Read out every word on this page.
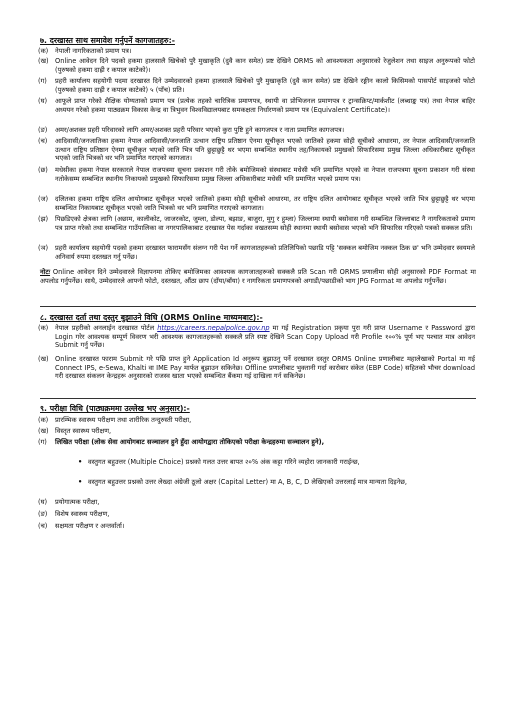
७. दरखास्त साथ समावेश गर्नुपर्ने कागजातहरु:-
(क) नेपाली नागरिकताको प्रमाण पत्र।
(ख) Online आवेदन दिने पदको हकमा हालसालै खिचेको पुरै मुखाकृति (दुवै कान समेत) प्रष्ट देखिने ORMS को आवश्यकता अनुसारको रेजुलेशन तथा साइज अनुरूपको फोटो (पुरुषको हकमा दाह्री र कपाल काटेको)।
(ग) प्रहरी कार्यालय सहयोगी पदमा दरखास्त दिने उम्मेदवारको हकमा हालसालै खिचेको पुरै मुखाकृति (दुवै कान समेत) प्रष्ट देखिने रङ्गीन कालो किसिमको पासपोर्ट साइजको फोटो (पुरुषको हकमा दाह्री र कपाल काटेको) ५ (पाँच) प्रति।
(घ) आफूले प्राप्त गरेको शैक्षिक योग्यताको प्रमाण पत्र (प्रत्येक तहको चारित्रिक प्रमाणपत्र, स्थायी वा प्रोभिजनल प्रमाणपत्र र ट्रान्सक्रिप्ट/मार्कशीट (लब्धाङ्क पत्र) तथा नेपाल बाहिर अध्ययन गरेको हकमा पाठ्यक्रम विकास केन्द्र वा त्रिभुवन विश्वविद्यालयबाट समकक्षता निर्धारणको प्रमाण पत्र (Equivalent Certificate)।
(ङ) अमर/अशक्त प्रहरी परिवारको लागि अमर/अशक्त प्रहरी परिवार भएको कुरा पुष्टि हुने कागजपत्र र नाता प्रमाणित कागजपत्र।
(च) आदिवासी/जनजातिका हकमा नेपाल आदिवासी/जनजाति उत्थान राष्ट्रिय प्रतिष्ठान ऐनमा सूचीकृत भएको जातिको हकमा सोही सूचीको आधारमा, तर नेपाल आदिवासी/जनजाति उत्थान राष्ट्रिय प्रतिष्ठान ऐनमा सूचीकृत भएको जाति भित्र पनि छुट्टाछुट्टै थर भएमा सम्बन्धित स्थानीय तह/निकायको प्रमुखको सिफारिसमा प्रमुख जिल्ला अधिकारीबाट सूचीकृत भएको जाति भित्रको थर भनि प्रमाणित गराएको कागजात।
(छ) मधेसीका हकमा नेपाल सरकारले नेपाल राजपत्रमा सूचना प्रकाशन गरी तोके बमोजिमको संस्थाबाट मधेसी भनि प्रमाणित भएको वा नेपाल राजपत्रमा सूचना प्रकाशन गरी संस्था नतोकेसम्म सम्बन्धित स्थानीय निकायको प्रमुखको सिफारिसमा प्रमुख जिल्ला अधिकारीबाट मधेसी भनि प्रमाणित भएको प्रमाण पत्र।
(ज) दलितका हकमा राष्ट्रिय दलित आयोगबाट सूचीकृत भएको जातिको हकमा सोही सूचीको आधारमा, तर राष्ट्रिय दलित आयोगबाट सूचीकृत भएको जाति भित्र छुट्टाछुट्टै थर भएमा सम्बन्धित निकायबाट सूचीकृत भएको जाति भित्रको थर भनि प्रमाणित गराएको कागजात।
(झ) पिछडिएको क्षेत्रका लागि (अछाम, कालीकोट, जाजरकोट, जुम्ला, डोल्पा, बझाङ, बाजुरा, मुगु र हुम्ला) जिल्लामा स्थायी बसोवास गरी सम्बन्धित जिल्लाबाट नै नागरिकताको प्रमाण पत्र प्राप्त गरेको तथा सम्बन्धित गाउँपालिका वा नगरपालिकाबाट दरखास्त पेस गर्दाका वखतसम्म सोही स्थानमा स्थायी बसोवास भएको भनि सिफारिस गरिएको पत्रको सक्कल प्रति।
(ञ) प्रहरी कार्यालय सहयोगी पदको हकमा दरखास्त फारामसँग संलग्न गरी पेश गर्ने कागजातहरूको प्रतिलिपिको पछाडि पट्टि 'सक्कल बमोजिम नक्कल ठिक छ' भनि उम्मेदवार स्वयमले अनिवार्य रुपमा दस्तखत गर्नु पर्नेछ।
नोटः Online आवेदन दिने उम्मेदवारले विज्ञापनमा तोकिए बमोजिमका आवश्यक कागजातहरूको सक्कलै प्रति Scan गरी ORMS प्रणालीमा सोही अनुसारको PDF Format मा अपलोड गर्नुपर्नेछ। साथै, उम्मेदवारले आफ्नो फोटो, दस्तखत, औंठा छाप (दाँया/बाँया) र नागरिकता प्रमाणपत्रको अगाडी/पछाडीको भाग JPG Format मा अपलोड गर्नुपर्नेछ।
८. दरखास्त दर्ता तथा दस्तुर बुझाउने विधि (ORMS Online माध्यमबाट):-
(क) नेपाल प्रहरीको अनलाईन दरखास्त पोर्टल https://careers.nepalpolice.gov.np मा गई Registration प्रकृया पुरा गरी प्राप्त Username र Password द्वारा Login गरेर आवश्यक सम्पूर्ण विवरण भरी आवश्यक कागजातहरूको सक्कलै प्रति स्पष्ट देखिने Scan Copy Upload गरी Profile १००% पूर्ण भए पश्चात मात्र आवेदन Submit गर्नु पर्नेछ।
(ख) Online दरखास्त फाराम Submit गरे पछि प्राप्त हुने Application Id अनुरूप बुझाउनु पर्ने दरखास्त दस्तुर ORMS Online प्रणालीबाट महालेखाको Portal मा गई Connect IPS, e-Sewa, Khalti वा IME Pay मार्फत बुझाउन सकिनेछ। Offline प्रणालीबाट भुक्तानी गर्दा कारोबार संकेत (EBP Code) सहितको भौचर download गरी दरखास्त संकलन केन्द्रहरू अनुसारको राजस्व खाता भएको सम्बन्धित बैंकमा गई दाखिला गर्न सकिनेछ।
९. परीक्षा विधि (पाठ्यक्रममा उल्लेख भए अनुसार):-
(क) प्रारम्भिक स्वास्थ्य परीक्षण तथा शारीरिक तन्दुरुस्ती परीक्षा,
(ख) विस्तृत स्वास्थ्य परीक्षण,
(ग) लिखित परीक्षा (लोक सेवा आयोगबाट सञ्चालन हुने हुँदा आयोगद्वारा तोकिएको परीक्षा केन्द्रहरुमा सञ्चालन हुने),
• वस्तुगत बहुउत्तर (Multiple Choice) प्रश्नको गलत उत्तर बापत २०% अंक कट्टा गरिने व्यहोरा जानकारी गराईन्छ,
• वस्तुगत बहुउत्तर प्रश्नको उत्तर लेख्दा अंग्रेजी ठूलो अक्षर (Capital Letter) मा A, B, C, D लेखिएको उत्तरलाई मात्र मान्यता दिइनेछ,
(घ) प्रयोगात्मक परीक्षा,
(ङ) विशेष स्वास्थ्य परीक्षण,
(च) सक्षमता परीक्षण र अन्तर्वार्ता।
